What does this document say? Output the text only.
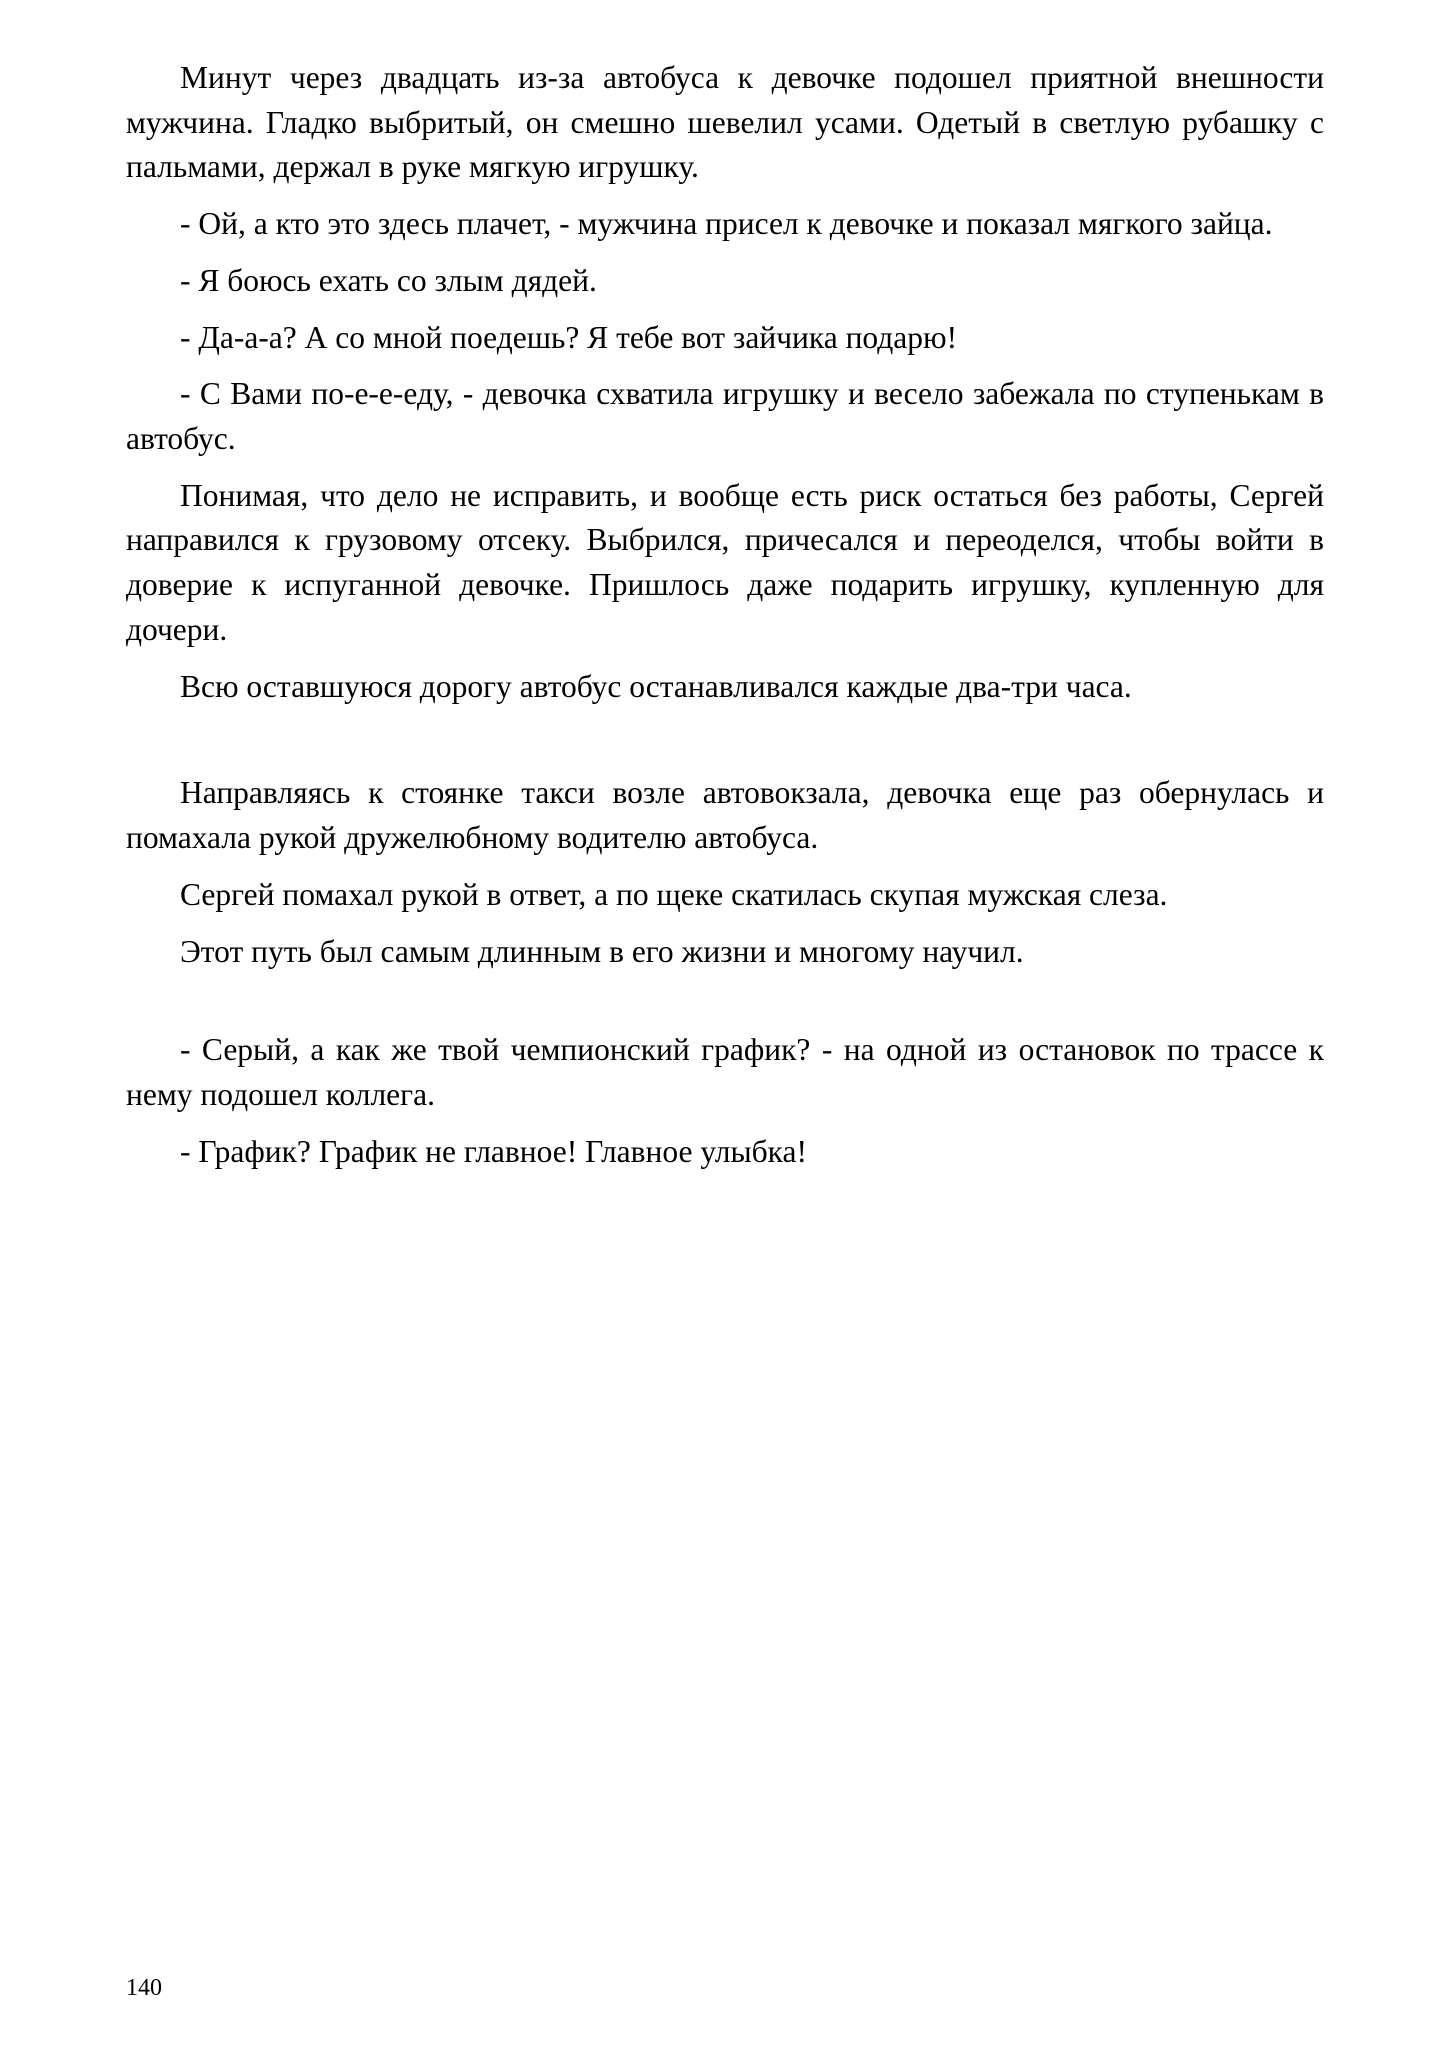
Минут через двадцать из-за автобуса к девочке подошел приятной внешности мужчина. Гладко выбритый, он смешно шевелил усами. Одетый в светлую рубашку с пальмами, держал в руке мягкую игрушку.

- Ой, а кто это здесь плачет, - мужчина присел к девочке и показал мягкого зайца.

- Я боюсь ехать со злым дядей.

- Да-а-а? А со мной поедешь? Я тебе вот зайчика подарю!

- С Вами по-е-е-еду, - девочка схватила игрушку и весело забежала по ступенькам в автобус.

Понимая, что дело не исправить, и вообще есть риск остаться без работы, Сергей направился к грузовому отсеку. Выбрился, причесался и переоделся, чтобы войти в доверие к испуганной девочке. Пришлось даже подарить игрушку, купленную для дочери.

Всю оставшуюся дорогу автобус останавливался каждые два-три часа.

Направляясь к стоянке такси возле автовокзала, девочка еще раз обернулась и помахала рукой дружелюбному водителю автобуса.

Сергей помахал рукой в ответ, а по щеке скатилась скупая мужская слеза.

Этот путь был самым длинным в его жизни и многому научил.

- Серый, а как же твой чемпионский график? - на одной из остановок по трассе к нему подошел коллега.

- График? График не главное! Главное улыбка!

140
